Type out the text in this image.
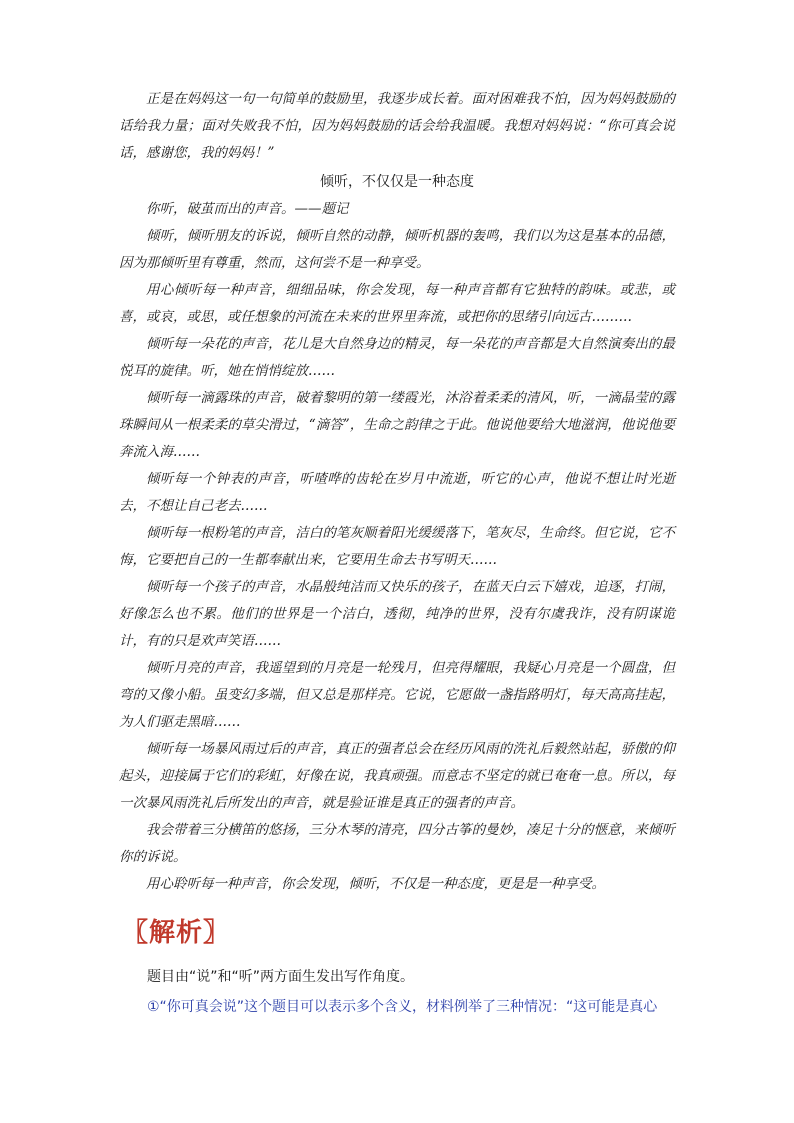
正是在妈妈这一句一句简单的鼓励里，我逐步成长着。面对困难我不怕，因为妈妈鼓励的话给我力量；面对失败我不怕，因为妈妈鼓励的话会给我温暖。我想对妈妈说：“你可真会说话，感谢您，我的妈妈！”

倾听，不仅仅是一种态度

你听，破茧而出的声音。——题记

倾听，倾听朋友的诉说，倾听自然的动静，倾听机器的轰鸣，我们以为这是基本的品德，因为那倾听里有尊重，然而，这何尝不是一种享受。

用心倾听每一种声音，细细品味，你会发现，每一种声音都有它独特的韵味。或悲，或喜，或哀，或思，或任想象的河流在未来的世界里奔流，或把你的思绪引向远古………

倾听每一朵花的声音，花儿是大自然身边的精灵，每一朵花的声音都是大自然演奏出的最悦耳的旋律。听，她在悄悄绽放……

倾听每一滴露珠的声音，破着黎明的第一缕霞光，沐浴着柔柔的清风，听，一滴晶莹的露珠瞬间从一根柔柔的草尖滑过，“滴答”，生命之韵律之于此。他说他要给大地滋润，他说他要奔流入海……

倾听每一个钟表的声音，听喳哗的齿轮在岁月中流逝，听它的心声，他说不想让时光逝去，不想让自己老去……

倾听每一根粉笔的声音，洁白的笔灰顺着阳光缓缓落下，笔灰尽，生命终。但它说，它不悔，它要把自己的一生都奉献出来，它要用生命去书写明天……

倾听每一个孩子的声音，水晶般纯洁而又快乐的孩子，在蓝天白云下嬉戏，追逐，打闹，好像怎么也不累。他们的世界是一个洁白，透彻，纯净的世界，没有尔虞我诈，没有阴谋诡计，有的只是欢声笑语……

倾听月亮的声音，我遥望到的月亮是一轮残月，但亮得耀眼，我疑心月亮是一个圆盘，但弯的又像小船。虽变幻多端，但又总是那样亮。它说，它愿做一盏指路明灯，每天高高挂起，为人们驱走黑暗……

倾听每一场暴风雨过后的声音，真正的强者总会在经历风雨的洗礼后毅然站起，骄傲的仰起头，迎接属于它们的彩虹，好像在说，我真顽强。而意志不坚定的就已奄奄一息。所以，每一次暴风雨洗礼后所发出的声音，就是验证谁是真正的强者的声音。

我会带着三分横笛的悠扬，三分木琴的清亮，四分古筝的曼妙，凑足十分的惬意，来倾听你的诉说。

用心聆听每一种声音，你会发现，倾听，不仅是一种态度，更是是一种享受。

〖解析〗

题目由“说”和“听”两方面生发出写作角度。

①“你可真会说”这个题目可以表示多个含义，材料例举了三种情况：“这可能是真心
